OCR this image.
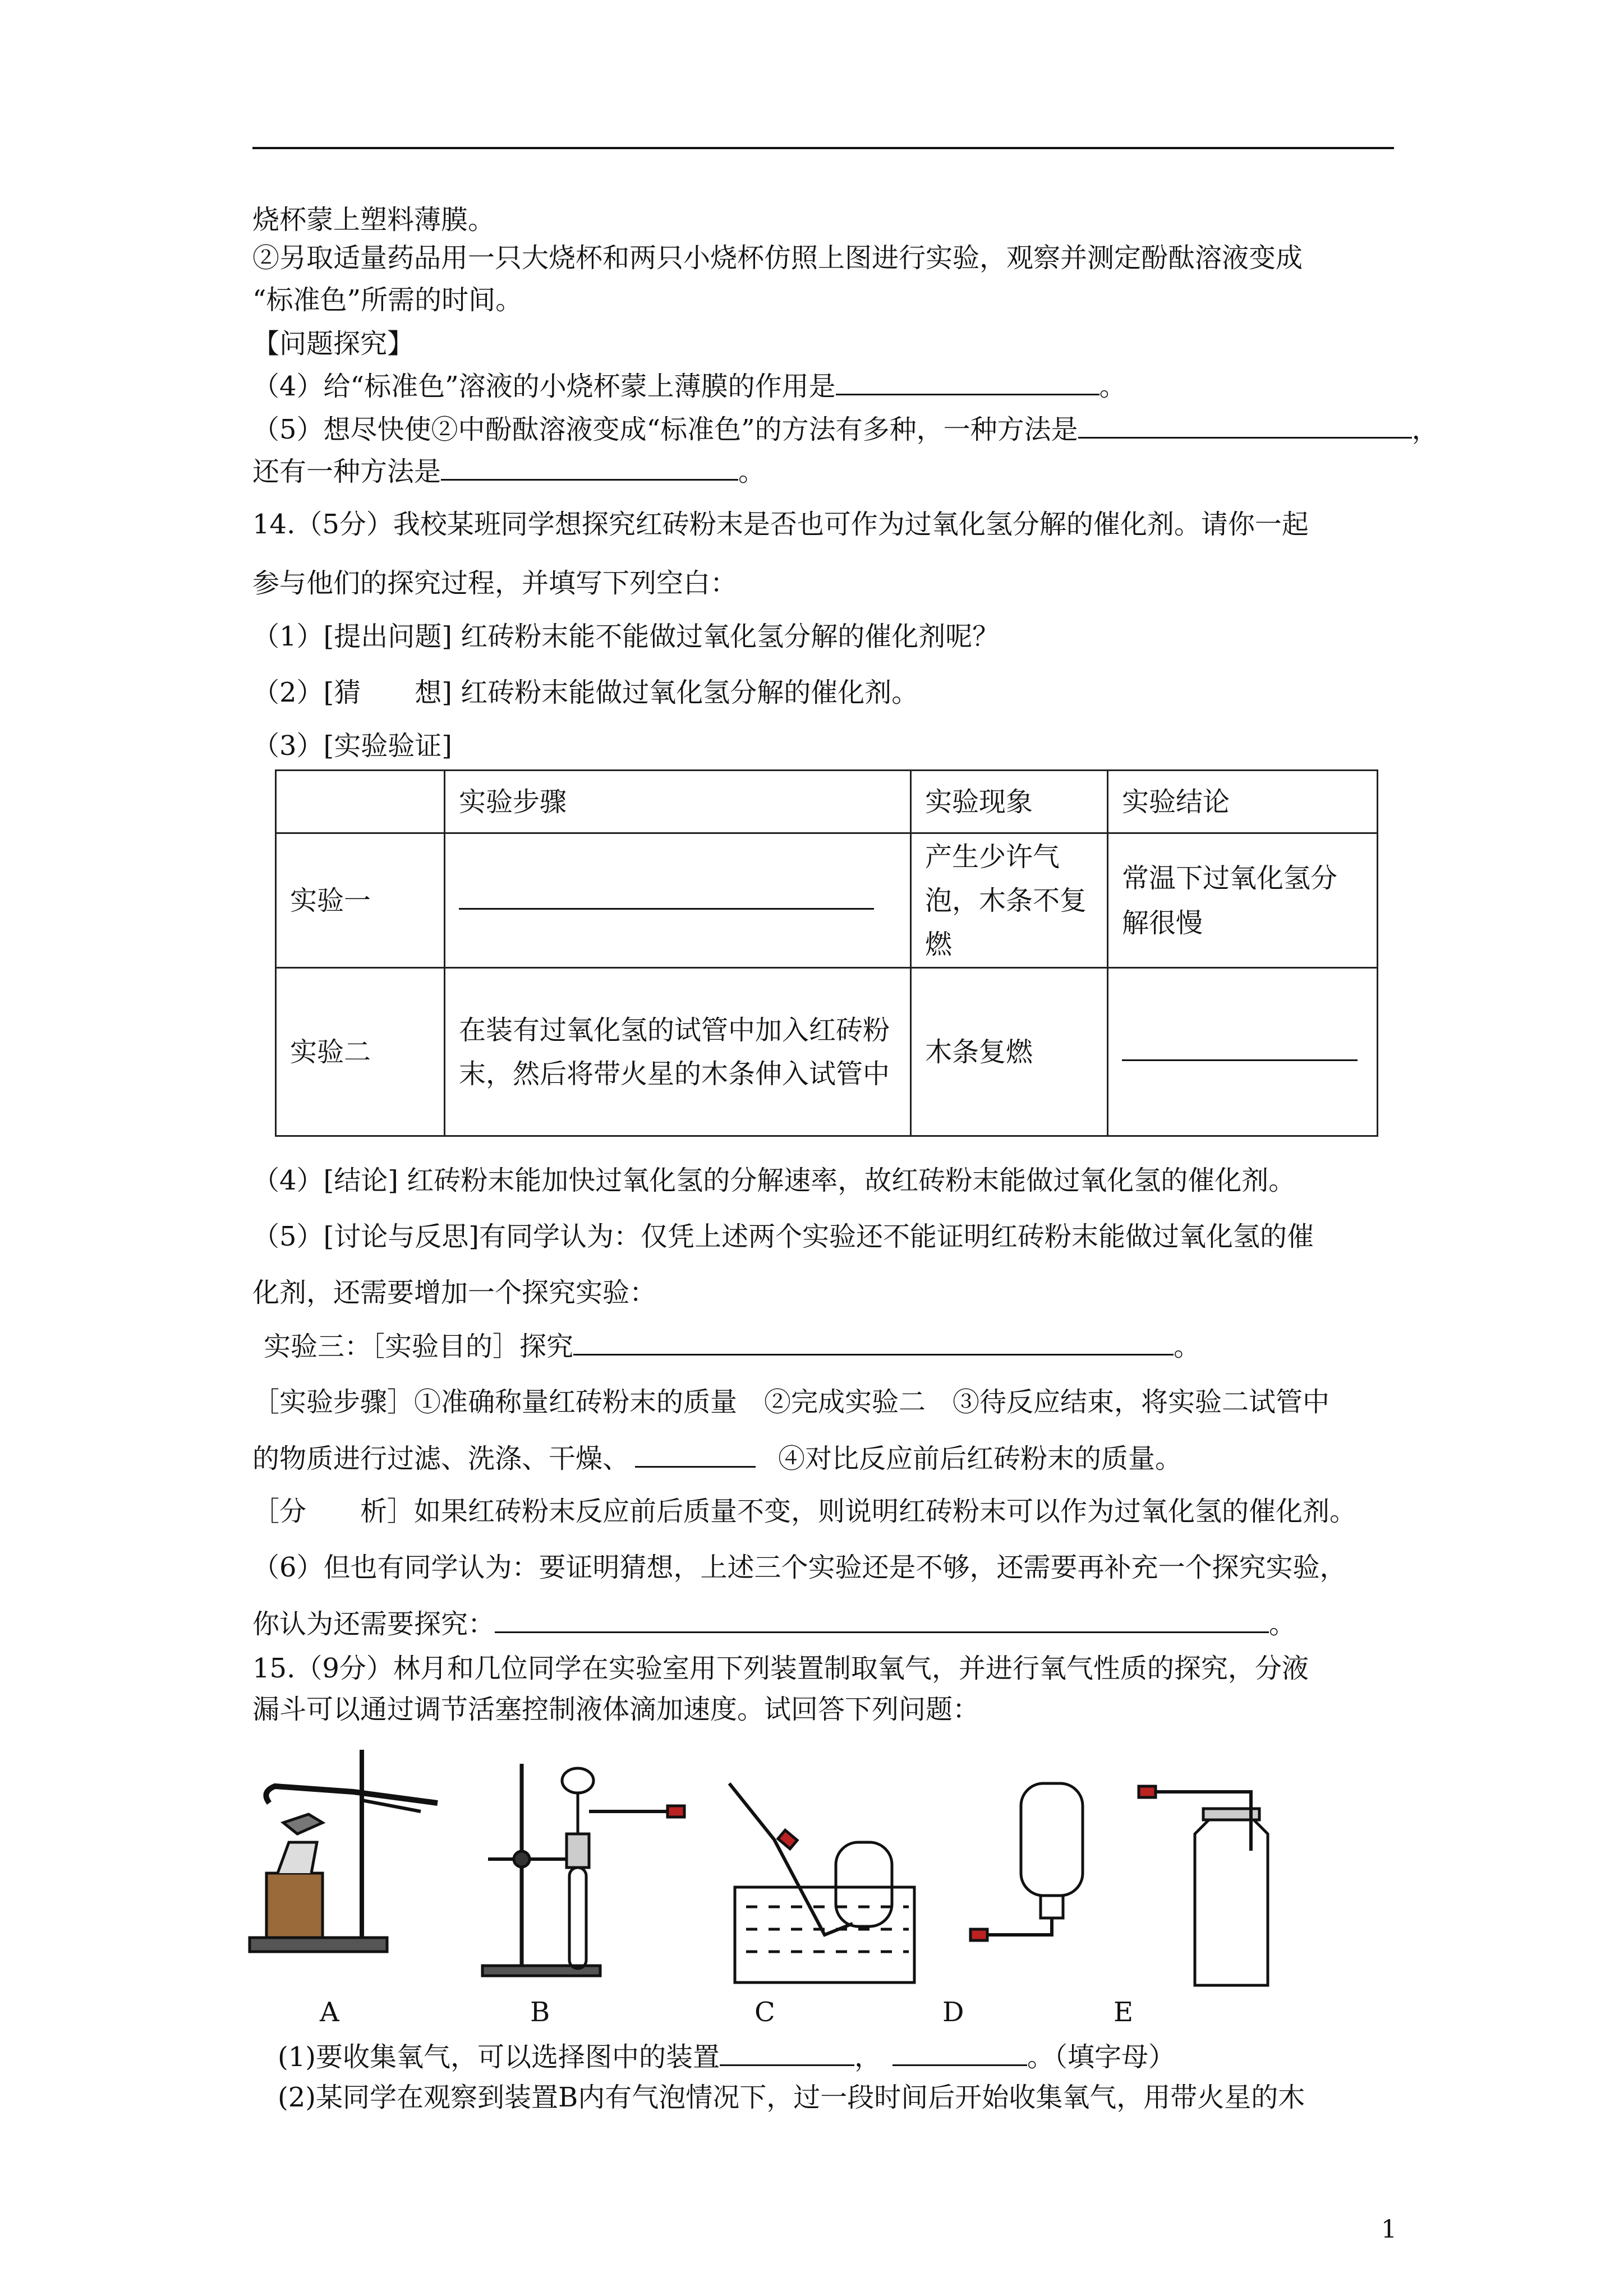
烧杯蒙上塑料薄膜。
②另取适量药品用一只大烧杯和两只小烧杯仿照上图进行实验，观察并测定酚酞溶液变成
“标准色”所需的时间。
【问题探究】
（4）给“标准色”溶液的小烧杯蒙上薄膜的作用是	。
（5）想尽快使②中酚酞溶液变成“标准色”的方法有多种，一种方法是	，
还有一种方法是	。
14.（5分）我校某班同学想探究红砖粉末是否也可作为过氧化氢分解的催化剂。请你一起
参与他们的探究过程，并填写下列空白：
（1）[提出问题] 红砖粉末能不能做过氧化氢分解的催化剂呢？
（2）[猜　　想] 红砖粉末能做过氧化氢分解的催化剂。
（3）[实验验证]
	实验步骤	实验现象	实验结论
实验一		产生少许气泡，木条不复燃	常温下过氧化氢分解很慢

实验二	在装有过氧化氢的试管中加入红砖粉末，然后将带火星的木条伸入试管中	木条复燃	
（4）[结论] 红砖粉末能加快过氧化氢的分解速率，故红砖粉末能做过氧化氢的催化剂。
（5）[讨论与反思]有同学认为：仅凭上述两个实验还不能证明红砖粉末能做过氧化氢的催
化剂，还需要增加一个探究实验：
实验三：［实验目的］探究	。
［实验步骤］①准确称量红砖粉末的质量　②完成实验二　③待反应结束，将实验二试管中
的物质进行过滤、洗涤、干燥、	④对比反应前后红砖粉末的质量。
［分　　析］如果红砖粉末反应前后质量不变，则说明红砖粉末可以作为过氧化氢的催化剂。
（6）但也有同学认为：要证明猜想，上述三个实验还是不够，还需要再补充一个探究实验，
你认为还需要探究：	。
15.（9分）林月和几位同学在实验室用下列装置制取氧气，并进行氧气性质的探究，分液
漏斗可以通过调节活塞控制液体滴加速度。试回答下列问题：
A	B	C	D	E
(1)要收集氧气，可以选择图中的装置	，	。（填字母）
(2)某同学在观察到装置B内有气泡情况下，过一段时间后开始收集氧气，用带火星的木
1
